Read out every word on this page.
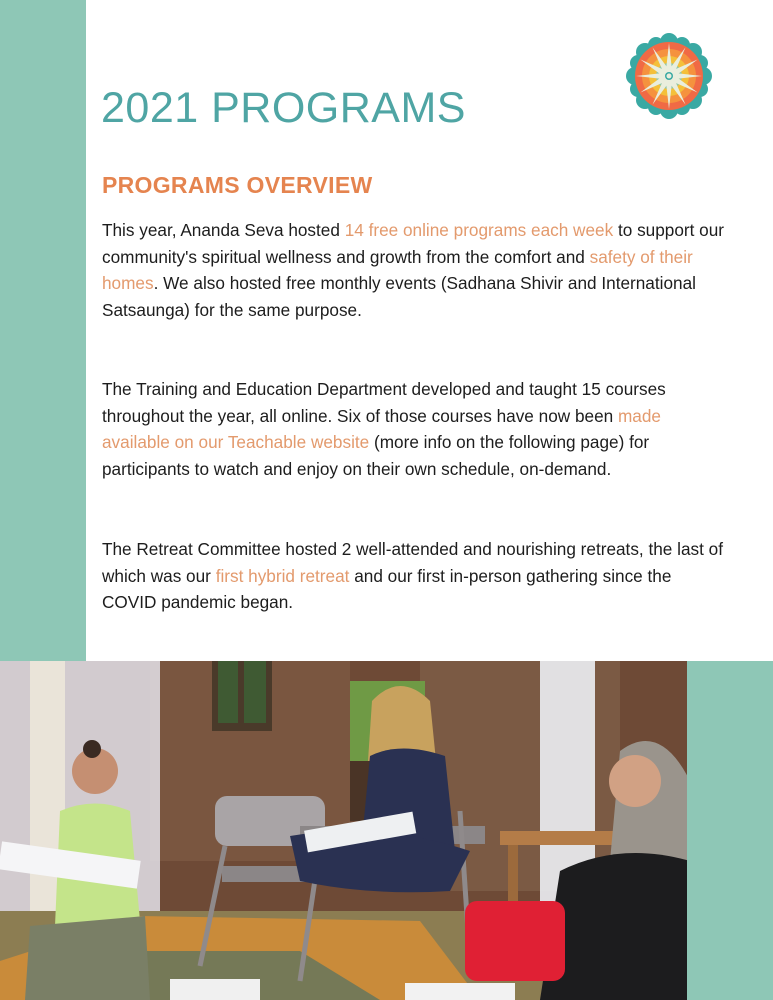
2021 PROGRAMS
PROGRAMS OVERVIEW

This year, Ananda Seva hosted 14 free online programs each week to support our community's spiritual wellness and growth from the comfort and safety of their homes. We also hosted free monthly events (Sadhana Shivir and International Satsaunga) for the same purpose.

The Training and Education Department developed and taught 15 courses throughout the year, all online. Six of those courses have now been made available on our Teachable website (more info on the following page) for participants to watch and enjoy on their own schedule, on-demand.

The Retreat Committee hosted 2 well-attended and nourishing retreats, the last of which was our first hybrid retreat and our first in-person gathering since the COVID pandemic began.
